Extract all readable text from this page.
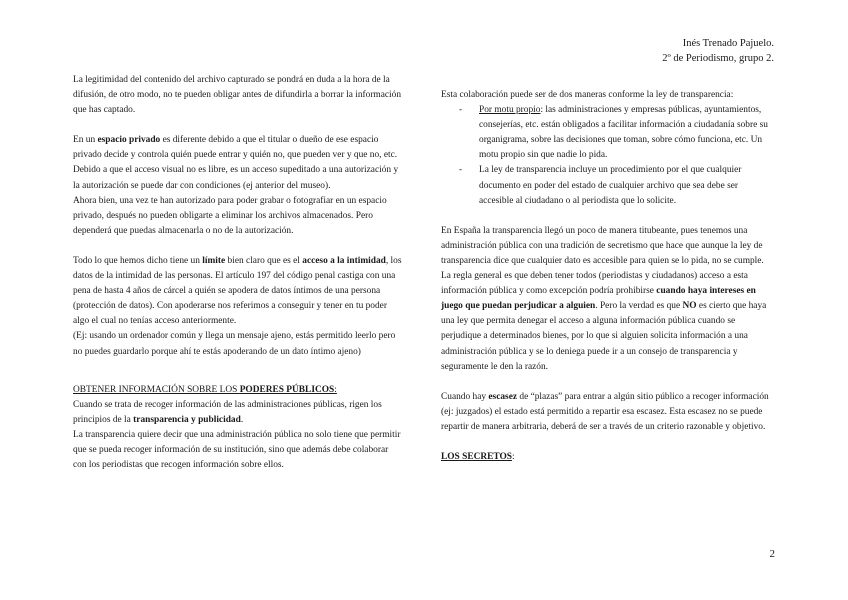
Inés Trenado Pajuelo.
2º de Periodismo, grupo 2.

La legitimidad del contenido del archivo capturado se pondrá en duda a la hora de la difusión, de otro modo, no te pueden obligar antes de difundirla a borrar la información que has captado.

En un espacio privado es diferente debido a que el titular o dueño de ese espacio privado decide y controla quién puede entrar y quién no, que pueden ver y que no, etc. Debido a que el acceso visual no es libre, es un acceso supeditado a una autorización y la autorización se puede dar con condiciones (ej anterior del museo).

Ahora bien, una vez te han autorizado para poder grabar o fotografiar en un espacio privado, después no pueden obligarte a eliminar los archivos almacenados. Pero dependerá que puedas almacenarla o no de la autorización.

Todo lo que hemos dicho tiene un límite bien claro que es el acceso a la intimidad, los datos de la intimidad de las personas. El artículo 197 del código penal castiga con una pena de hasta 4 años de cárcel a quién se apodera de datos íntimos de una persona (protección de datos). Con apoderarse nos referimos a conseguir y tener en tu poder algo el cual no tenías acceso anteriormente.

(Ej: usando un ordenador común y llega un mensaje ajeno, estás permitido leerlo pero no puedes guardarlo porque ahí te estás apoderando de un dato íntimo ajeno)

OBTENER INFORMACIÓN SOBRE LOS PODERES PÚBLICOS:

Cuando se trata de recoger información de las administraciones públicas, rigen los principios de la transparencia y publicidad.

La transparencia quiere decir que una administración pública no solo tiene que permitir que se pueda recoger información de su institución, sino que además debe colaborar con los periodistas que recogen información sobre ellos.

Esta colaboración puede ser de dos maneras conforme la ley de transparencia:

- Por motu propio: las administraciones y empresas públicas, ayuntamientos, consejerías, etc. están obligados a facilitar información a ciudadanía sobre su organigrama, sobre las decisiones que toman, sobre cómo funciona, etc. Un motu propio sin que nadie lo pida.
- La ley de transparencia incluye un procedimiento por el que cualquier documento en poder del estado de cualquier archivo que sea debe ser accesible al ciudadano o al periodista que lo solicite.

En España la transparencia llegó un poco de manera titubeante, pues tenemos una administración pública con una tradición de secretismo que hace que aunque la ley de transparencia dice que cualquier dato es accesible para quien se lo pida, no se cumple.

La regla general es que deben tener todos (periodistas y ciudadanos) acceso a esta información pública y como excepción podría prohibirse cuando haya intereses en juego que puedan perjudicar a alguien. Pero la verdad es que NO es cierto que haya una ley que permita denegar el acceso a alguna información pública cuando se perjudique a determinados bienes, por lo que si alguien solicita información a una administración pública y se lo deniega puede ir a un consejo de transparencia y seguramente le den la razón.

Cuando hay escasez de “plazas” para entrar a algún sitio público a recoger información (ej: juzgados) el estado está permitido a repartir esa escasez. Esta escasez no se puede repartir de manera arbitraria, deberá de ser a través de un criterio razonable y objetivo.

LOS SECRETOS:

2
